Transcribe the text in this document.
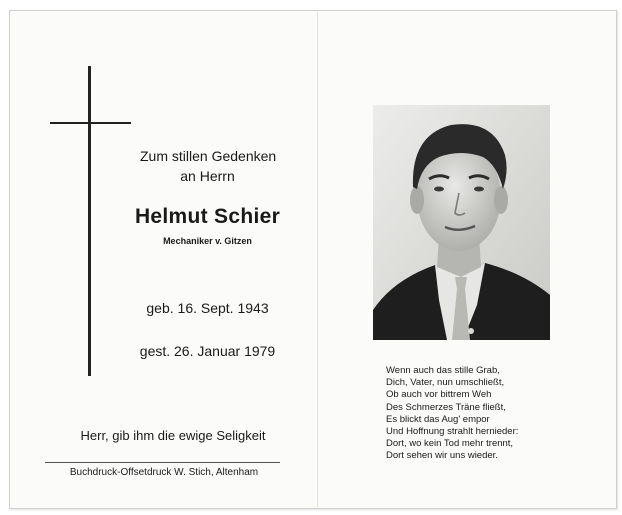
Zum stillen Gedenken
an Herrn
Helmut Schier
Mechaniker v. Gitzen
geb. 16. Sept. 1943
gest. 26. Januar 1979
Herr, gib ihm die ewige Seligkeit
Buchdruck-Offsetdruck W. Stich, Altenham
Wenn auch das stille Grab,
Dich, Vater, nun umschließt,
Ob auch vor bittrem Weh
Des Schmerzes Träne fließt,
Es blickt das Aug' empor
Und Hoffnung strahlt hernieder:
Dort, wo kein Tod mehr trennt,
Dort sehen wir uns wieder.
